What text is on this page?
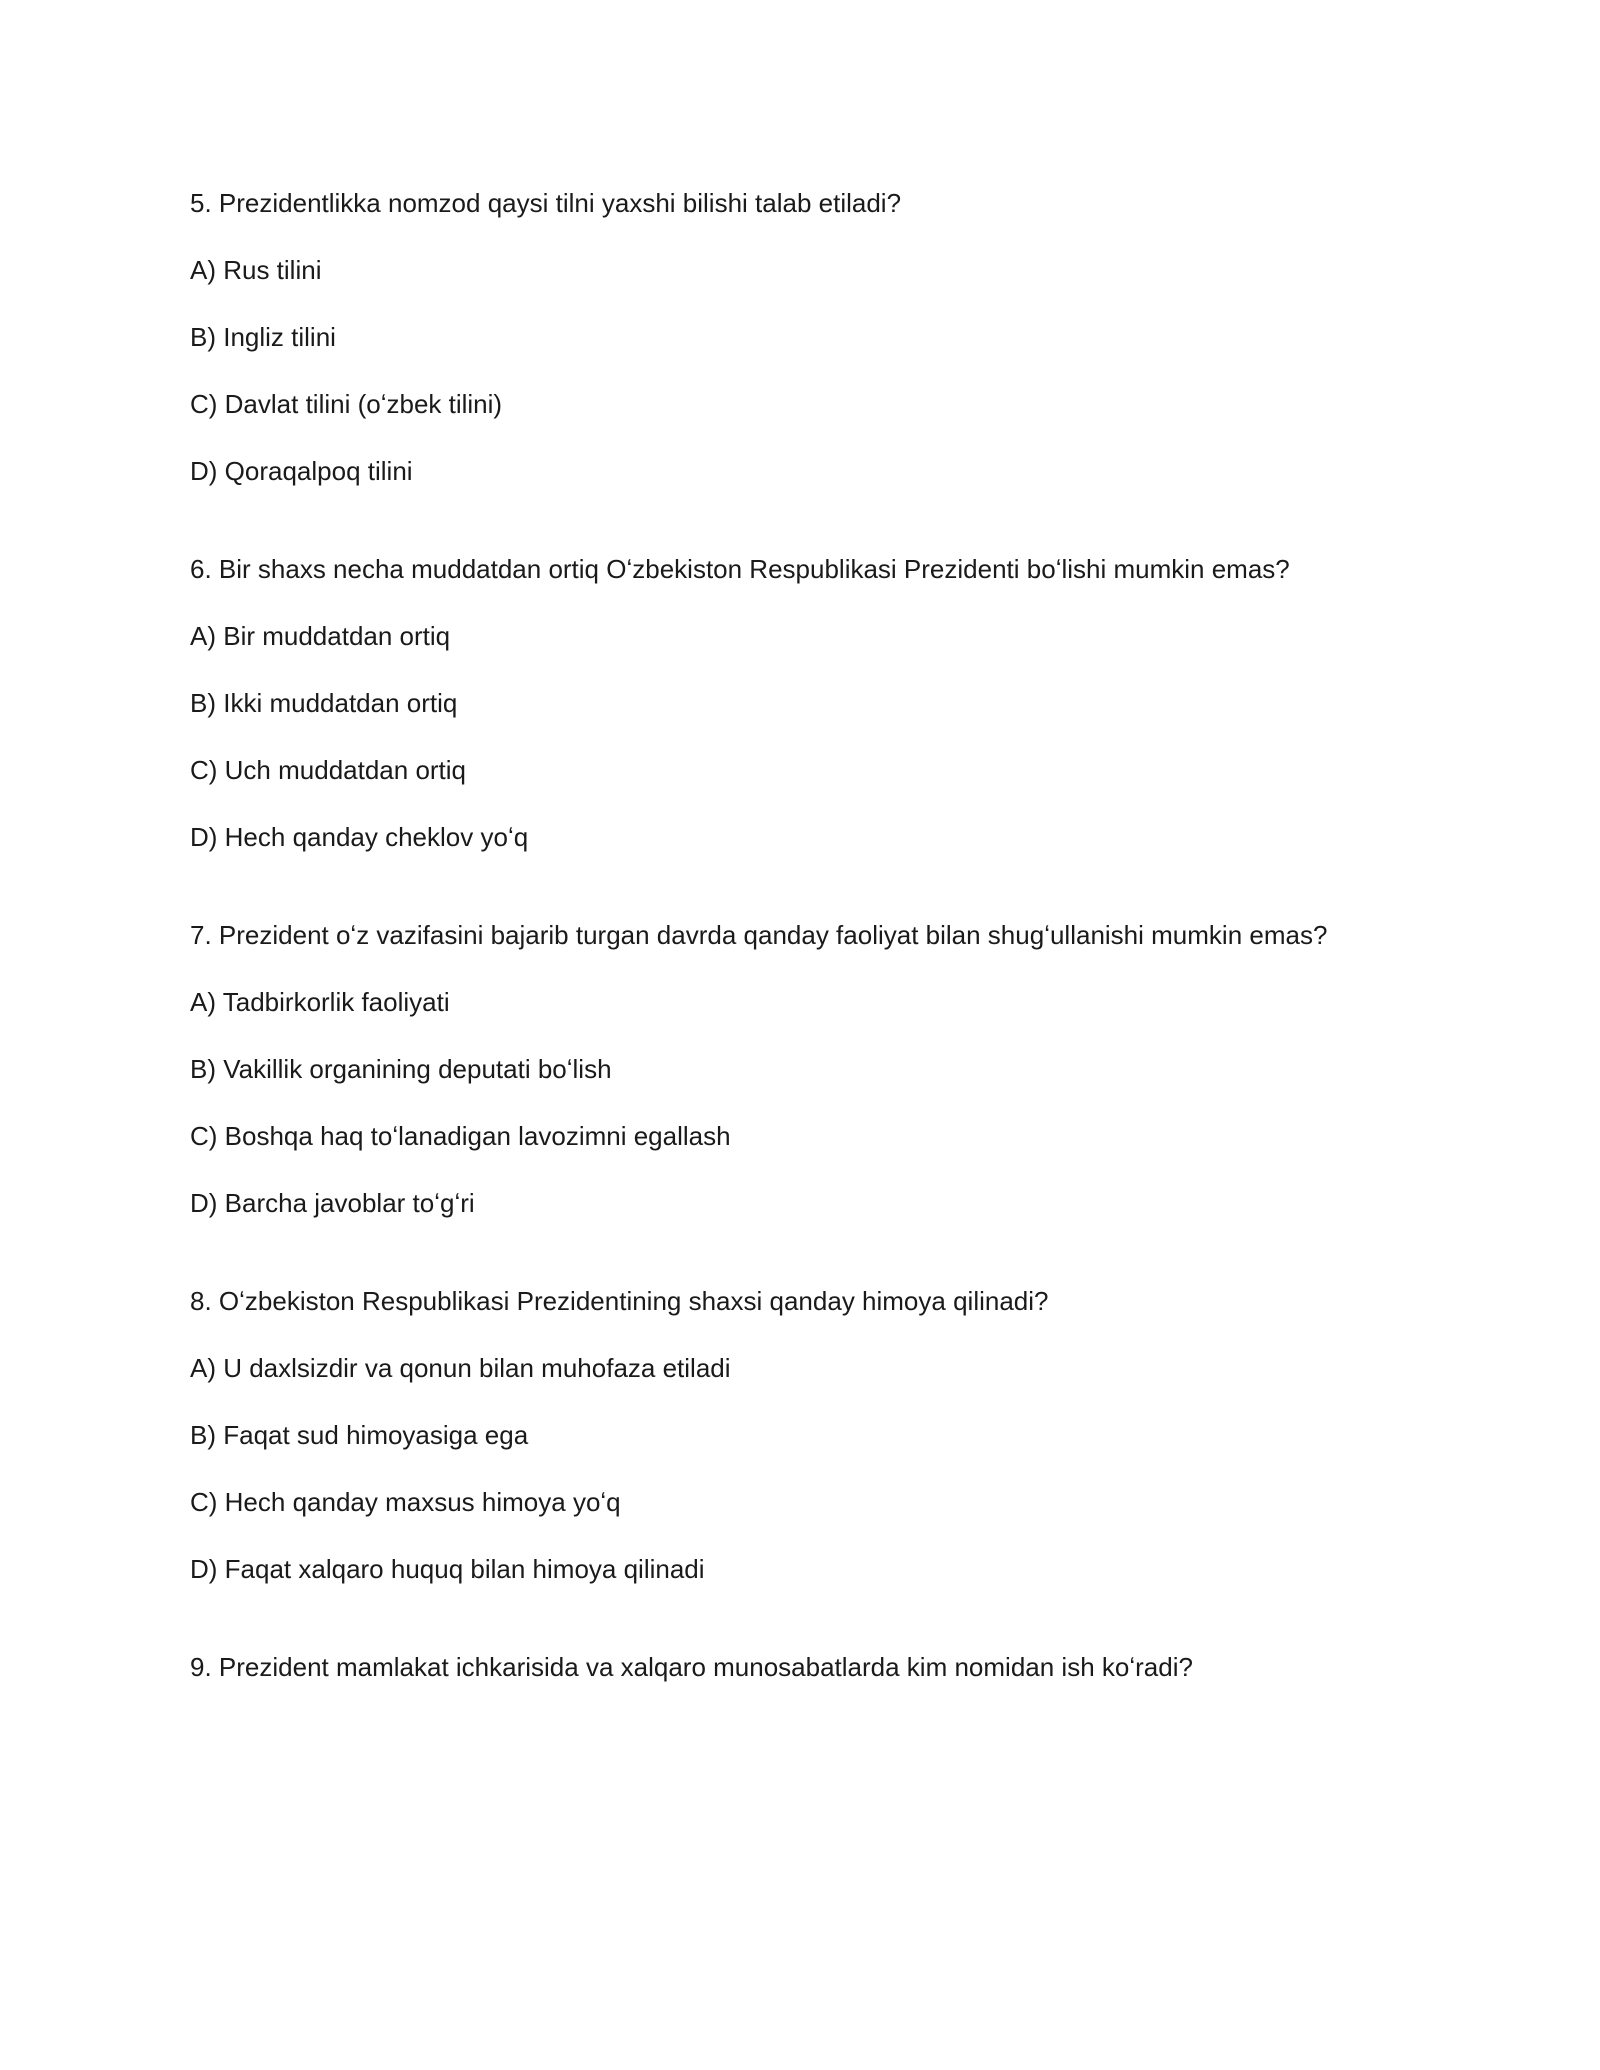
5. Prezidentlikka nomzod qaysi tilni yaxshi bilishi talab etiladi?
A) Rus tilini
B) Ingliz tilini
C) Davlat tilini (oʻzbek tilini)
D) Qoraqalpoq tilini
6. Bir shaxs necha muddatdan ortiq Oʻzbekiston Respublikasi Prezidenti boʻlishi mumkin emas?
A) Bir muddatdan ortiq
B) Ikki muddatdan ortiq
C) Uch muddatdan ortiq
D) Hech qanday cheklov yoʻq
7. Prezident oʻz vazifasini bajarib turgan davrda qanday faoliyat bilan shugʻullanishi mumkin emas?
A) Tadbirkorlik faoliyati
B) Vakillik organining deputati boʻlish
C) Boshqa haq toʻlanadigan lavozimni egallash
D) Barcha javoblar toʻgʻri
8. Oʻzbekiston Respublikasi Prezidentining shaxsi qanday himoya qilinadi?
A) U daxlsizdir va qonun bilan muhofaza etiladi
B) Faqat sud himoyasiga ega
C) Hech qanday maxsus himoya yoʻq
D) Faqat xalqaro huquq bilan himoya qilinadi
9. Prezident mamlakat ichkarisida va xalqaro munosabatlarda kim nomidan ish koʻradi?
